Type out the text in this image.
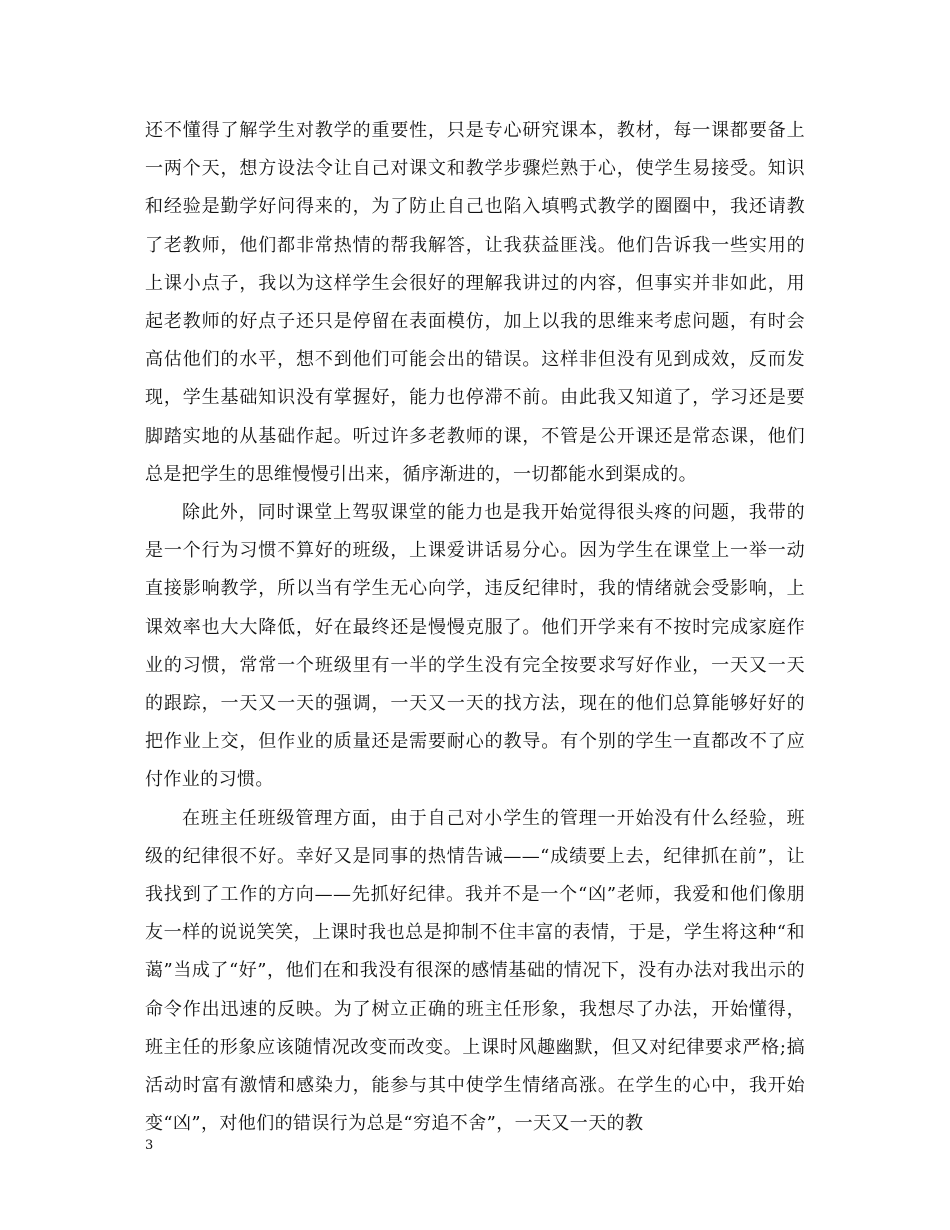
还不懂得了解学生对教学的重要性，只是专心研究课本，教材，每一课都要备上一两个天，想方设法令让自己对课文和教学步骤烂熟于心，使学生易接受。知识和经验是勤学好问得来的，为了防止自己也陷入填鸭式教学的圈圈中，我还请教了老教师，他们都非常热情的帮我解答，让我获益匪浅。他们告诉我一些实用的上课小点子，我以为这样学生会很好的理解我讲过的内容，但事实并非如此，用起老教师的好点子还只是停留在表面模仿，加上以我的思维来考虑问题，有时会高估他们的水平，想不到他们可能会出的错误。这样非但没有见到成效，反而发现，学生基础知识没有掌握好，能力也停滞不前。由此我又知道了，学习还是要脚踏实地的从基础作起。听过许多老教师的课，不管是公开课还是常态课，他们总是把学生的思维慢慢引出来，循序渐进的，一切都能水到渠成的。

除此外，同时课堂上驾驭课堂的能力也是我开始觉得很头疼的问题，我带的是一个行为习惯不算好的班级，上课爱讲话易分心。因为学生在课堂上一举一动直接影响教学，所以当有学生无心向学，违反纪律时，我的情绪就会受影响，上课效率也大大降低，好在最终还是慢慢克服了。他们开学来有不按时完成家庭作业的习惯，常常一个班级里有一半的学生没有完全按要求写好作业，一天又一天的跟踪，一天又一天的强调，一天又一天的找方法，现在的他们总算能够好好的把作业上交，但作业的质量还是需要耐心的教导。有个别的学生一直都改不了应付作业的习惯。

在班主任班级管理方面，由于自己对小学生的管理一开始没有什么经验，班级的纪律很不好。幸好又是同事的热情告诫——“成绩要上去，纪律抓在前”，让我找到了工作的方向——先抓好纪律。我并不是一个“凶”老师，我爱和他们像朋友一样的说说笑笑，上课时我也总是抑制不住丰富的表情，于是，学生将这种“和蔼”当成了“好”，他们在和我没有很深的感情基础的情况下，没有办法对我出示的命令作出迅速的反映。为了树立正确的班主任形象，我想尽了办法，开始懂得，班主任的形象应该随情况改变而改变。上课时风趣幽默，但又对纪律要求严格;搞活动时富有激情和感染力，能参与其中使学生情绪高涨。在学生的心中，我开始变“凶”，对他们的错误行为总是“穷追不舍”，一天又一天的教

3
